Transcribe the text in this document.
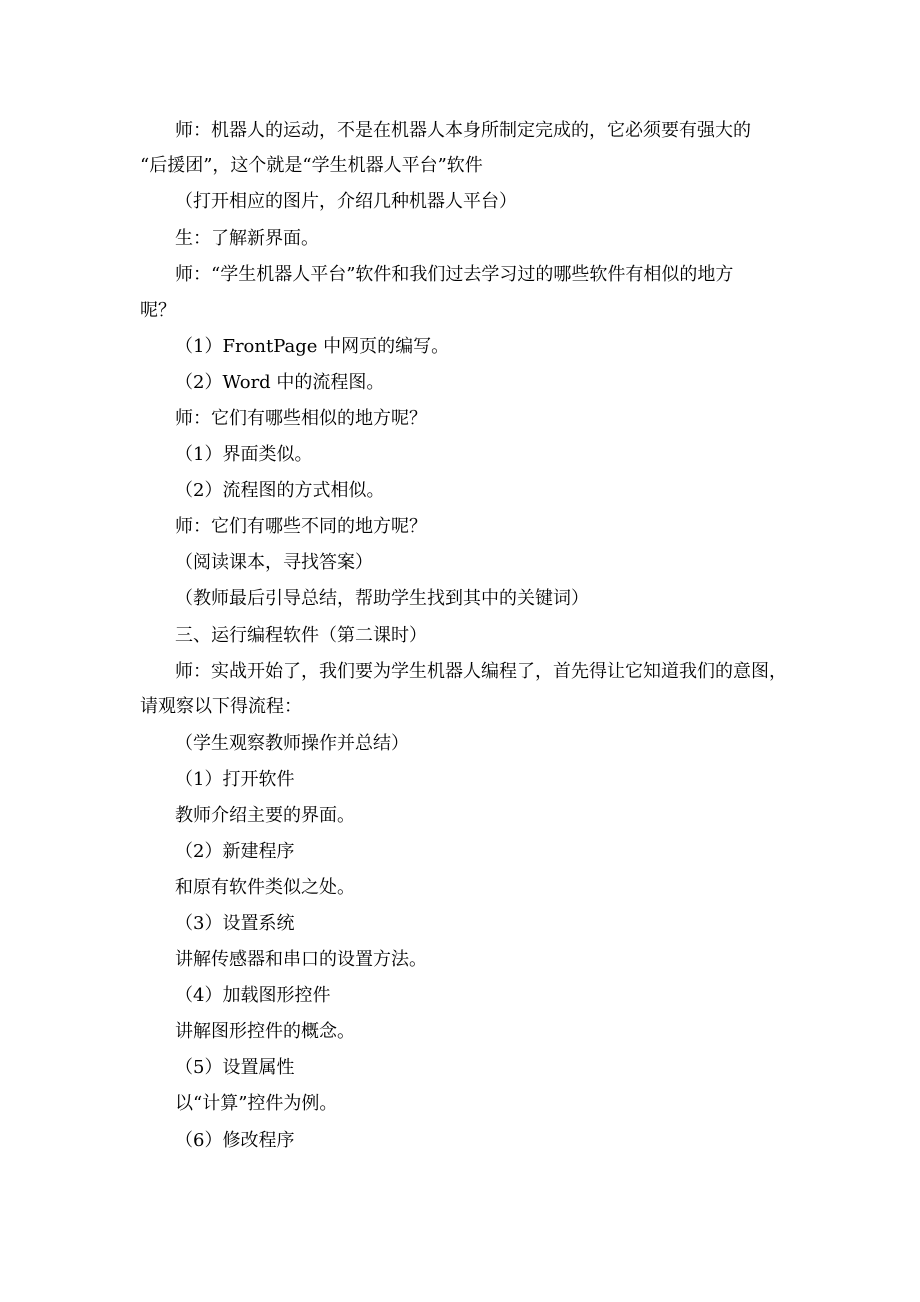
师：机器人的运动，不是在机器人本身所制定完成的，它必须要有强大的
“后援团”，这个就是“学生机器人平台”软件
（打开相应的图片，介绍几种机器人平台）
生：了解新界面。
师：“学生机器人平台”软件和我们过去学习过的哪些软件有相似的地方
呢？
（1）FrontPage 中网页的编写。
（2）Word 中的流程图。
师：它们有哪些相似的地方呢？
（1）界面类似。
（2）流程图的方式相似。
师：它们有哪些不同的地方呢？
（阅读课本，寻找答案）
（教师最后引导总结，帮助学生找到其中的关键词）
三、运行编程软件（第二课时）
师：实战开始了，我们要为学生机器人编程了，首先得让它知道我们的意图，
请观察以下得流程：
（学生观察教师操作并总结）
（1）打开软件
教师介绍主要的界面。
（2）新建程序
和原有软件类似之处。
（3）设置系统
讲解传感器和串口的设置方法。
（4）加载图形控件
讲解图形控件的概念。
（5）设置属性
以“计算”控件为例。
（6）修改程序
